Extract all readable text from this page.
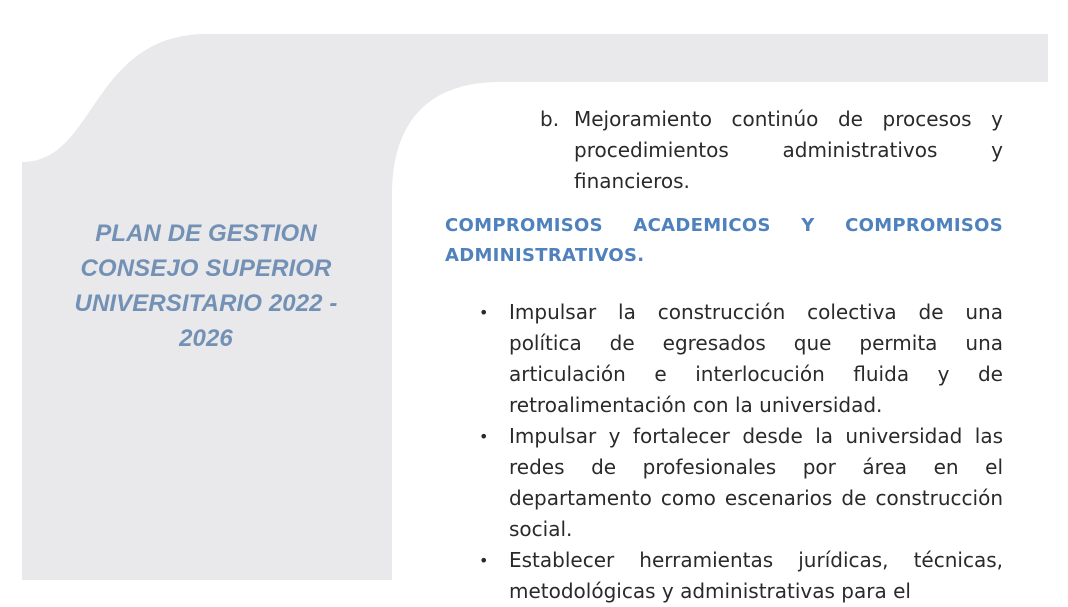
PLAN DE GESTION CONSEJO SUPERIOR UNIVERSITARIO 2022 - 2026
b. Mejoramiento continúo de procesos y procedimientos administrativos y financieros.
COMPROMISOS ACADEMICOS Y COMPROMISOS ADMINISTRATIVOS.
• Impulsar la construcción colectiva de una política de egresados que permita una articulación e interlocución fluida y de retroalimentación con la universidad.
• Impulsar y fortalecer desde la universidad las redes de profesionales por área en el departamento como escenarios de construcción social.
• Establecer herramientas jurídicas, técnicas, metodológicas y administrativas para el
